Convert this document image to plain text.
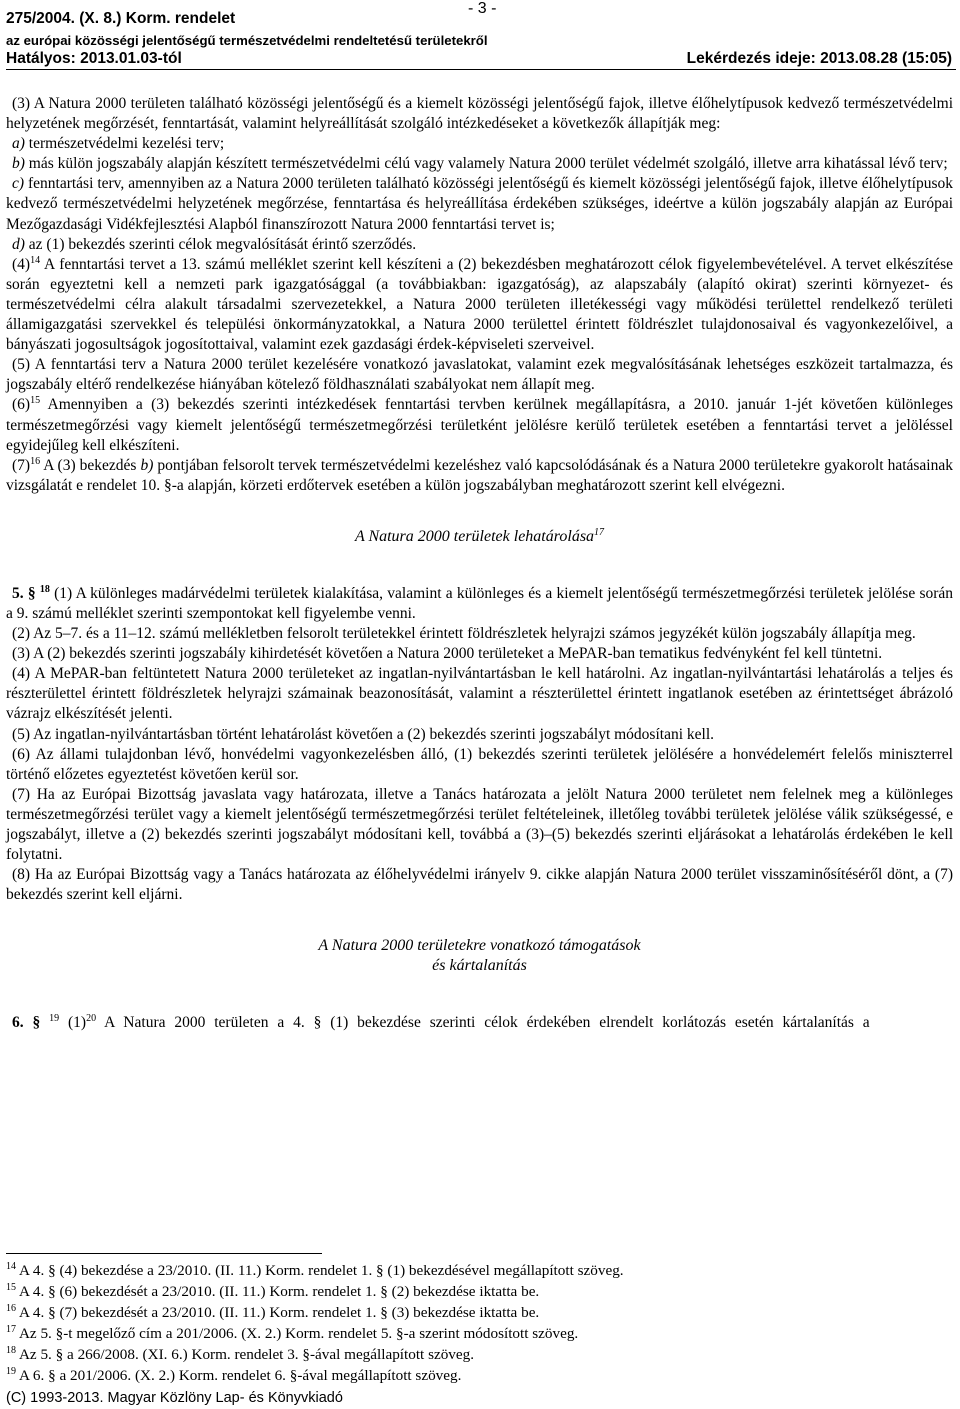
- 3 -
275/2004. (X. 8.) Korm. rendelet
az európai közösségi jelentőségű természetvédelmi rendeltetésű területekről
Hatályos: 2013.01.03-tól	Lekérdezés ideje: 2013.08.28 (15:05)

(3) A Natura 2000 területen található közösségi jelentőségű és a kiemelt közösségi jelentőségű fajok, illetve élőhelytípusok kedvező természetvédelmi helyzetének megőrzését, fenntartását, valamint helyreállítását szolgáló intézkedéseket a következők állapítják meg:

a) természetvédelmi kezelési terv;

b) más külön jogszabály alapján készített természetvédelmi célú vagy valamely Natura 2000 terület védelmét szolgáló, illetve arra kihatással lévő terv;

c) fenntartási terv, amennyiben az a Natura 2000 területen található közösségi jelentőségű és kiemelt közösségi jelentőségű fajok, illetve élőhelytípusok kedvező természetvédelmi helyzetének megőrzése, fenntartása és helyreállítása érdekében szükséges, ideértve a külön jogszabály alapján az Európai Mezőgazdasági Vidékfejlesztési Alapból finanszírozott Natura 2000 fenntartási tervet is;

d) az (1) bekezdés szerinti célok megvalósítását érintő szerződés.

$(4)^{14}$ A fenntartási tervet a 13. számú melléklet szerint kell készíteni a (2) bekezdésben meghatározott célok figyelembevételével. A tervet elkészítése során egyeztetni kell a nemzeti park igazgatósággal (a továbbiakban: igazgatóság), az alapszabály (alapító okirat) szerinti környezet- és természetvédelmi célra alakult társadalmi szervezetekkel, a Natura 2000 területen illetékességi vagy működési területtel rendelkező területi államigazgatási szervekkel és települési önkormányzatokkal, a Natura 2000 területtel érintett földrészlet tulajdonosaival és vagyonkezelőivel, a bányászati jogosultságok jogosítottaival, valamint ezek gazdasági érdek-képviseleti szerveivel.

(5) A fenntartási terv a Natura 2000 terület kezelésére vonatkozó javaslatokat, valamint ezek megvalósításának lehetséges eszközeit tartalmazza, és jogszabály eltérő rendelkezése hiányában kötelező földhasználati szabályokat nem állapít meg.

$(6)^{15}$ Amennyiben a (3) bekezdés szerinti intézkedések fenntartási tervben kerülnek megállapításra, a 2010. január 1-jét követően különleges természetmegőrzési vagy kiemelt jelentőségű természetmegőrzési területként jelölésre kerülő területek esetében a fenntartási tervet a jelöléssel egyidejűleg kell elkészíteni.

$(7)^{16}$ A (3) bekezdés b) pontjában felsorolt tervek természetvédelmi kezeléshez való kapcsolódásának és a Natura 2000 területekre gyakorolt hatásainak vizsgálatát e rendelet 10. §-a alapján, körzeti erdőtervek esetében a külön jogszabályban meghatározott szerint kell elvégezni.

A Natura 2000 területek lehatárolása$^{17}$

5. § $^{18}$ (1) A különleges madárvédelmi területek kialakítása, valamint a különleges és a kiemelt jelentőségű természetmegőrzési területek jelölése során a 9. számú melléklet szerinti szempontokat kell figyelembe venni.

(2) Az 5–7. és a 11–12. számú mellékletben felsorolt területekkel érintett földrészletek helyrajzi számos jegyzékét külön jogszabály állapítja meg.

(3) A (2) bekezdés szerinti jogszabály kihirdetését követően a Natura 2000 területeket a MePAR-ban tematikus fedvényként fel kell tüntetni.

(4) A MePAR-ban feltüntetett Natura 2000 területeket az ingatlan-nyilvántartásban le kell határolni. Az ingatlan-nyilvántartási lehatárolás a teljes és részterülettel érintett földrészletek helyrajzi számainak beazonosítását, valamint a részterülettel érintett ingatlanok esetében az érintettséget ábrázoló vázrajz elkészítését jelenti.

(5) Az ingatlan-nyilvántartásban történt lehatárolást követően a (2) bekezdés szerinti jogszabályt módosítani kell.

(6) Az állami tulajdonban lévő, honvédelmi vagyonkezelésben álló, (1) bekezdés szerinti területek jelölésére a honvédelemért felelős miniszterrel történő előzetes egyeztetést követően kerül sor.

(7) Ha az Európai Bizottság javaslata vagy határozata, illetve a Tanács határozata a jelölt Natura 2000 területet nem felelnek meg a különleges természetmegőrzési terület vagy a kiemelt jelentőségű természetmegőrzési terület feltételeinek, illetőleg további területek jelölése válik szükségessé, e jogszabályt, illetve a (2) bekezdés szerinti jogszabályt módosítani kell, továbbá a (3)–(5) bekezdés szerinti eljárásokat a lehatárolás érdekében le kell folytatni.

(8) Ha az Európai Bizottság vagy a Tanács határozata az élőhelyvédelmi irányelv 9. cikke alapján Natura 2000 terület visszaminősítéséről dönt, a (7) bekezdés szerint kell eljárni.

A Natura 2000 területekre vonatkozó támogatások

és kártalanítás

6. § $^{19}$ $(1)^{20}$ A Natura 2000 területen a 4. § (1) bekezdése szerinti célok érdekében elrendelt korlátozás esetén kártalanítás a

$^{14}$ A 4. § (4) bekezdése a 23/2010. (II. 11.) Korm. rendelet 1. § (1) bekezdésével megállapított szöveg.
$^{15}$ A 4. § (6) bekezdését a 23/2010. (II. 11.) Korm. rendelet 1. § (2) bekezdése iktatta be.
$^{16}$ A 4. § (7) bekezdését a 23/2010. (II. 11.) Korm. rendelet 1. § (3) bekezdése iktatta be.
$^{17}$ Az 5. §-t megelőző cím a 201/2006. (X. 2.) Korm. rendelet 5. §-a szerint módosított szöveg.
$^{18}$ Az 5. § a 266/2008. (XI. 6.) Korm. rendelet 3. §-ával megállapított szöveg.
$^{19}$ A 6. § a 201/2006. (X. 2.) Korm. rendelet 6. §-ával megállapított szöveg.
(C) 1993-2013. Magyar Közlöny Lap- és Könyvkiadó
